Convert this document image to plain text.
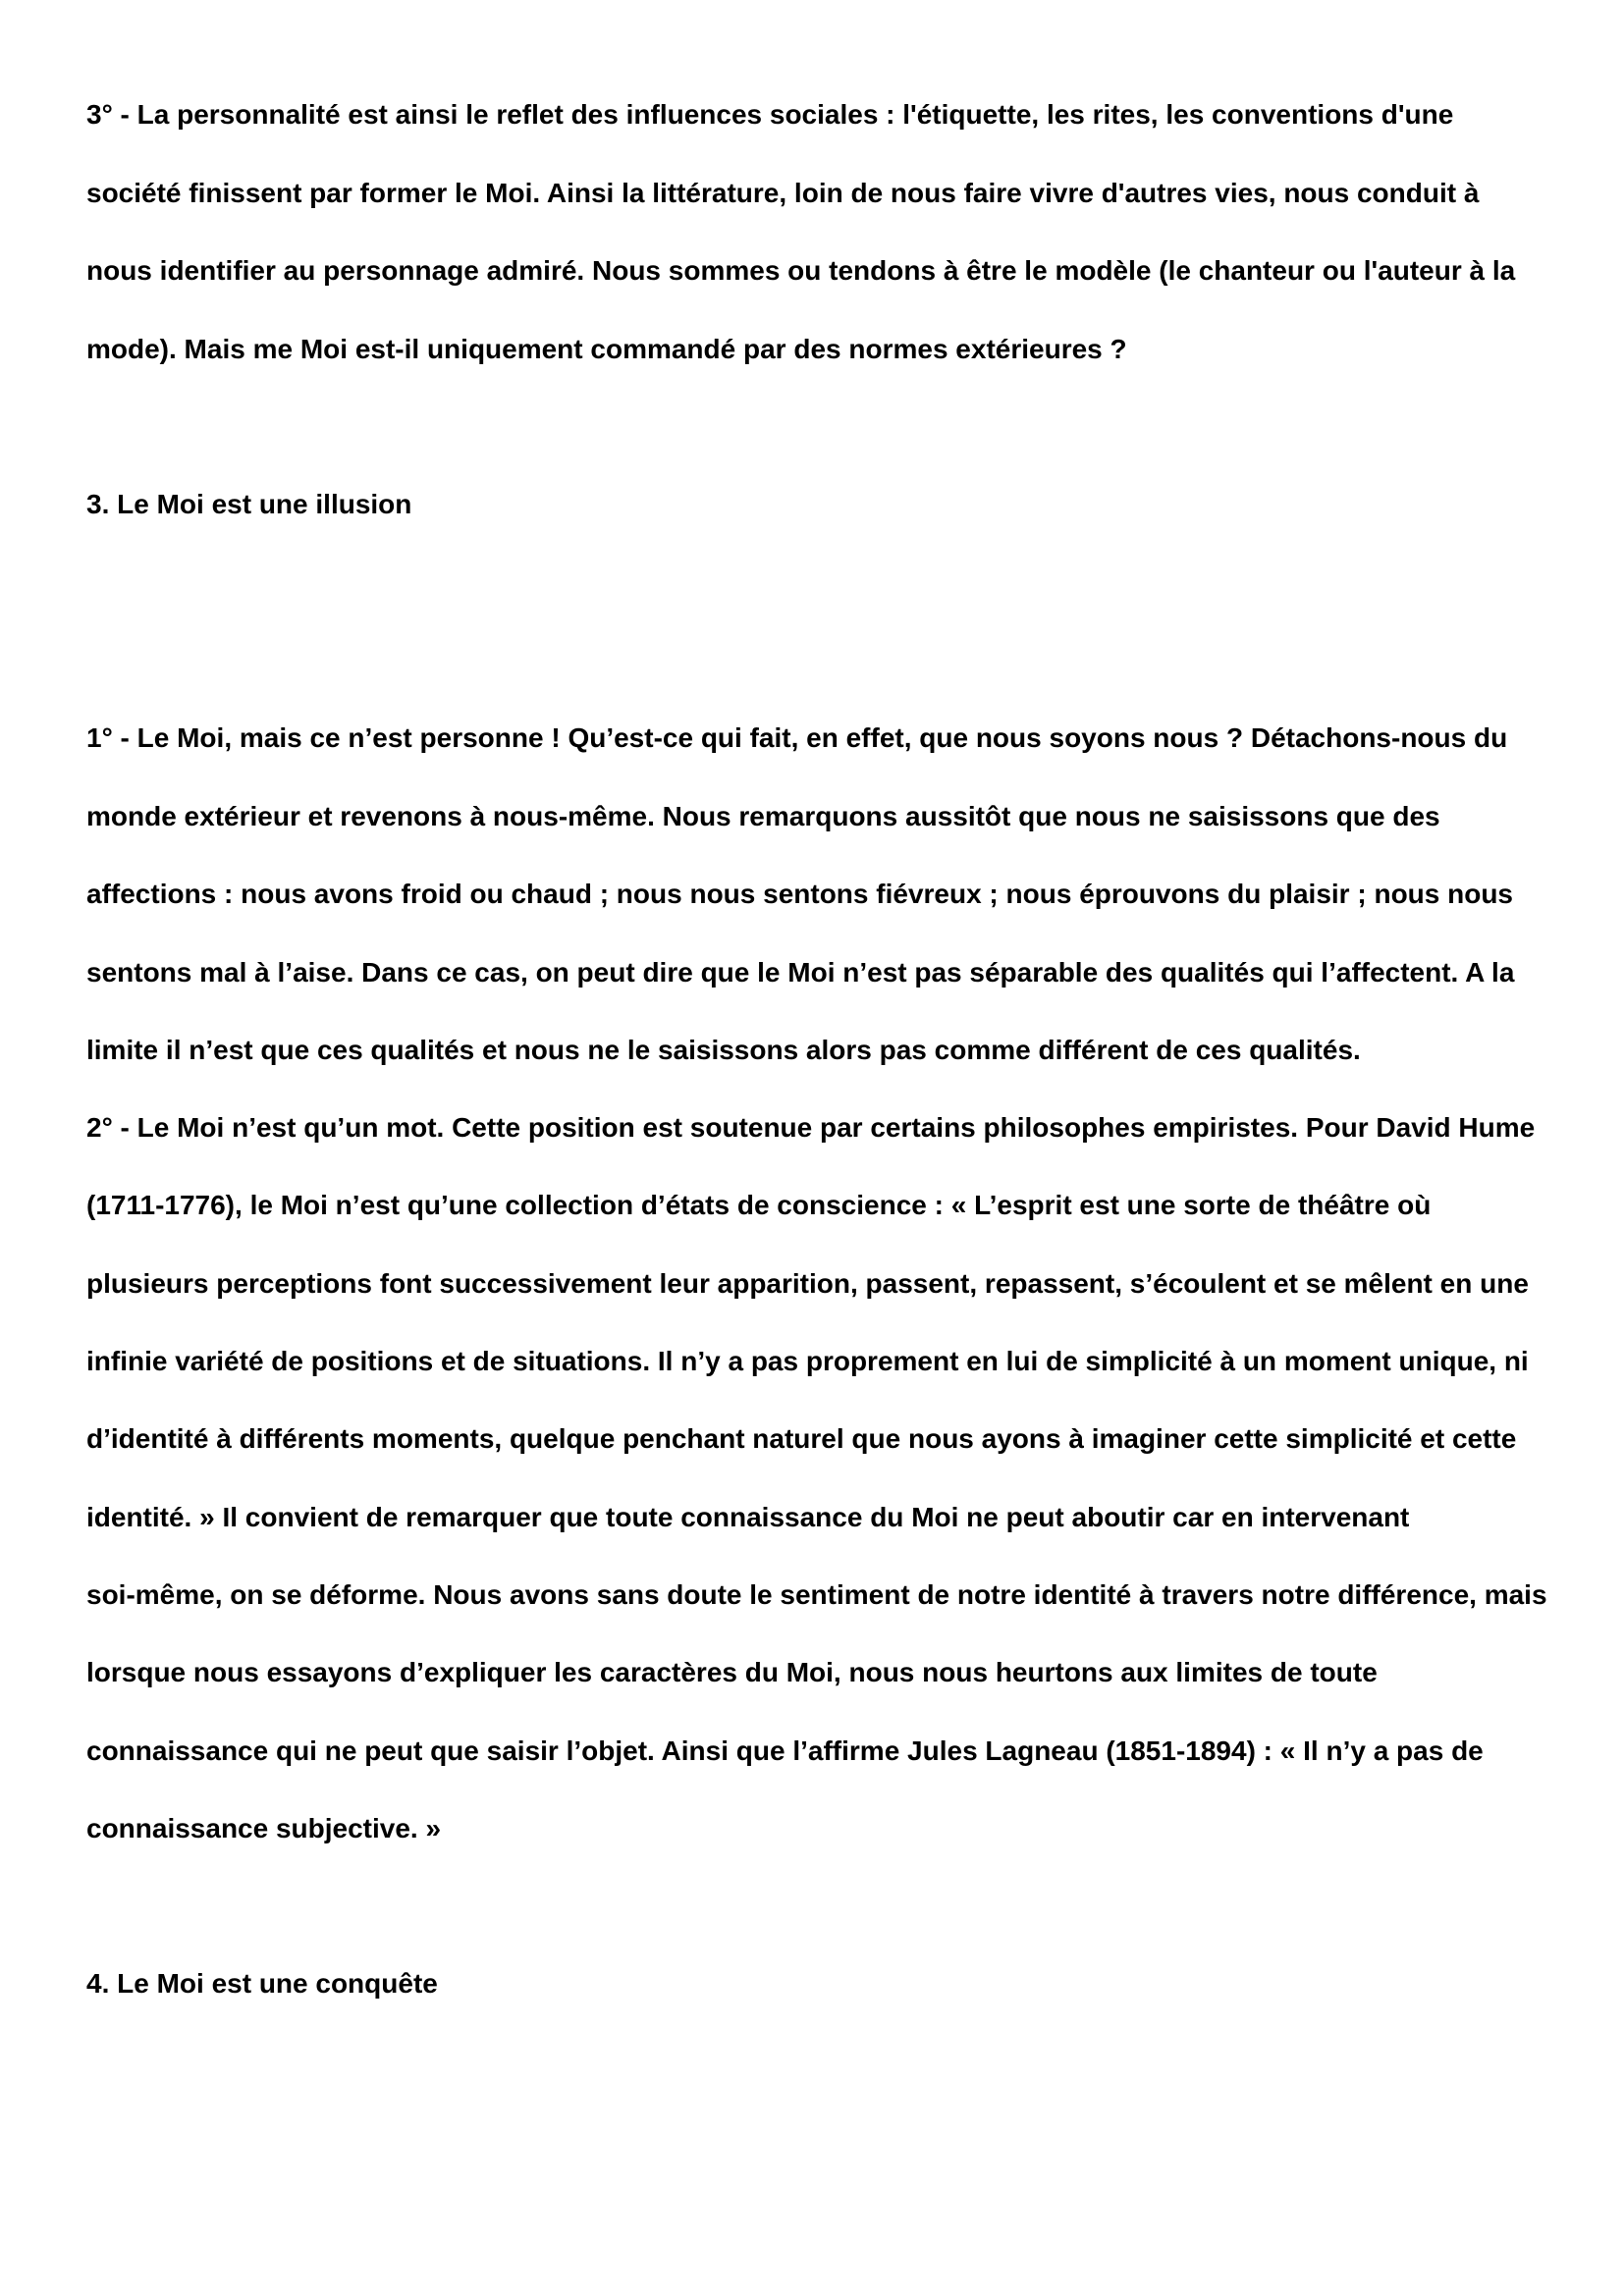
3° - La personnalité est ainsi le reflet des influences sociales : l'étiquette, les rites, les conventions d'une

société finissent par former le Moi. Ainsi la littérature, loin de nous faire vivre d'autres vies, nous conduit à

nous identifier au personnage admiré. Nous sommes ou tendons à être le modèle (le chanteur ou l'auteur à la

mode). Mais me Moi est-il uniquement commandé par des normes extérieures ?

3. Le Moi est une illusion

1° - Le Moi, mais ce n’est personne ! Qu’est-ce qui fait, en effet, que nous soyons nous ? Détachons-nous du

monde extérieur et revenons à nous-même. Nous remarquons aussitôt que nous ne saisissons que des

affections : nous avons froid ou chaud ; nous nous sentons fiévreux ; nous éprouvons du plaisir ; nous nous

sentons mal à l’aise. Dans ce cas, on peut dire que le Moi n’est pas séparable des qualités qui l’affectent. A la

limite il n’est que ces qualités et nous ne le saisissons alors pas comme différent de ces qualités.

2° - Le Moi n’est qu’un mot. Cette position est soutenue par certains philosophes empiristes. Pour David Hume

(1711-1776), le Moi n’est qu’une collection d’états de conscience : « L’esprit est une sorte de théâtre où

plusieurs perceptions font successivement leur apparition, passent, repassent, s’écoulent et se mêlent en une

infinie variété de positions et de situations. Il n’y a pas proprement en lui de simplicité à un moment unique, ni

d’identité à différents moments, quelque penchant naturel que nous ayons à imaginer cette simplicité et cette

identité. » Il convient de remarquer que toute connaissance du Moi ne peut aboutir car en intervenant

soi-même, on se déforme. Nous avons sans doute le sentiment de notre identité à travers notre différence, mais

lorsque nous essayons d’expliquer les caractères du Moi, nous nous heurtons aux limites de toute

connaissance qui ne peut que saisir l’objet. Ainsi que l’affirme Jules Lagneau (1851-1894) : « Il n’y a pas de

connaissance subjective. »

4. Le Moi est une conquête
